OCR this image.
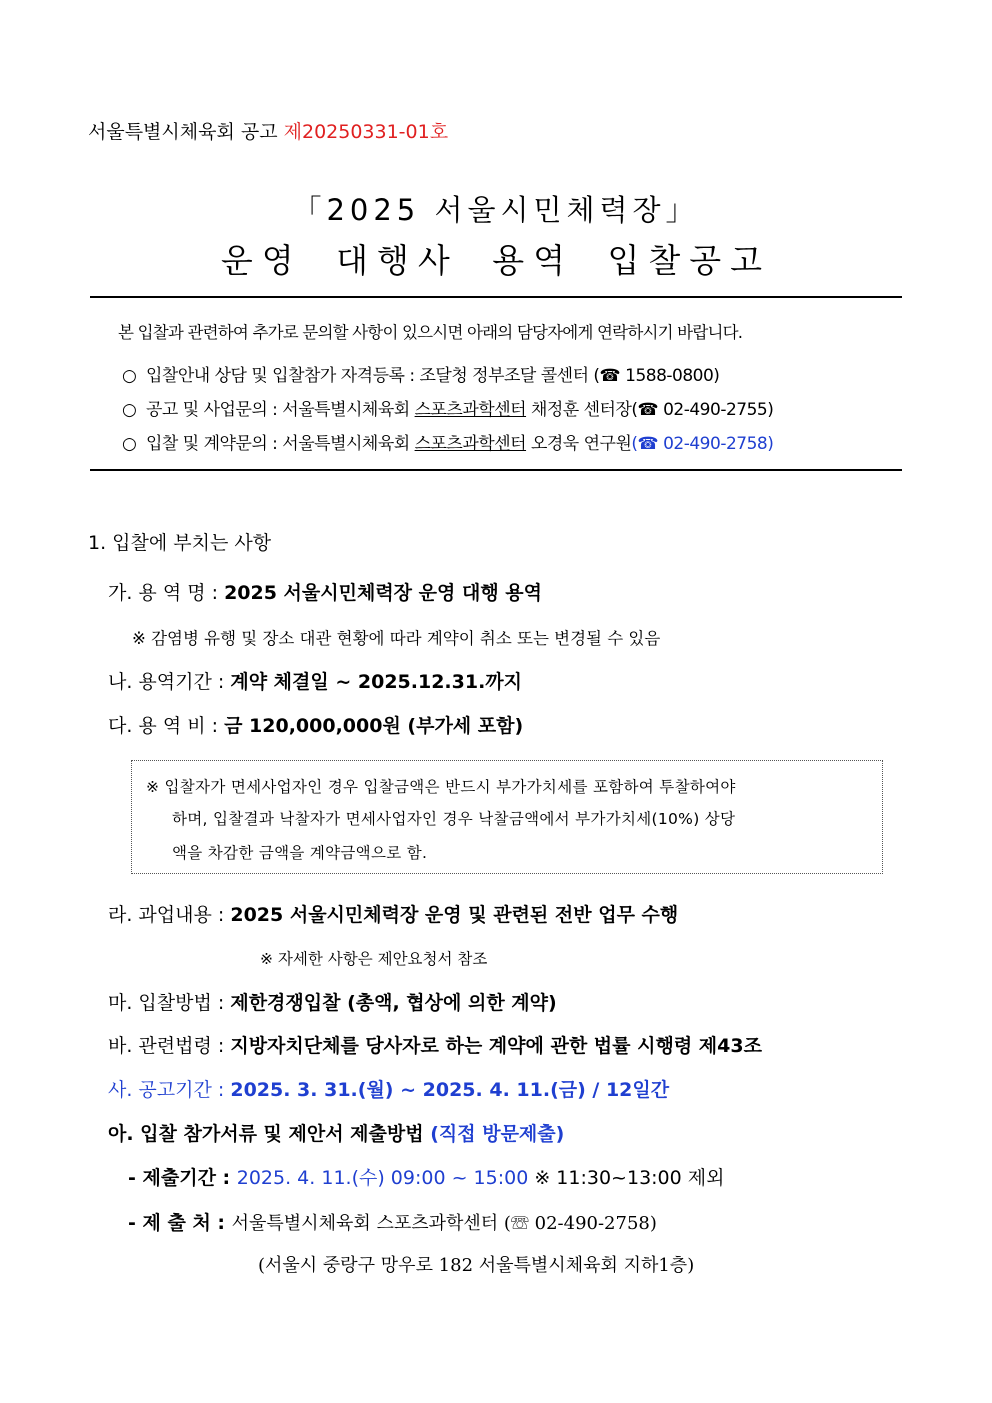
서울특별시체육회 공고 제20250331-01호
「2025 서울시민체력장」
운영 대행사 용역 입찰공고
본 입찰과 관련하여 추가로 문의할 사항이 있으시면 아래의 담당자에게 연락하시기 바랍니다.
○ 입찰안내 상담 및 입찰참가 자격등록 : 조달청 정부조달 콜센터 (☎ 1588-0800)
○ 공고 및 사업문의 : 서울특별시체육회 스포츠과학센터 채정훈 센터장(☎ 02-490-2755)
○ 입찰 및 계약문의 : 서울특별시체육회 스포츠과학센터 오경욱 연구원(☎ 02-490-2758)
1. 입찰에 부치는 사항
가. 용 역 명 : 2025 서울시민체력장 운영 대행 용역
※ 감염병 유행 및 장소 대관 현황에 따라 계약이 취소 또는 변경될 수 있음
나. 용역기간 : 계약 체결일 ~ 2025.12.31.까지
다. 용 역 비 : 금 120,000,000원 (부가세 포함)

※ 입찰자가 면세사업자인 경우 입찰금액은 반드시 부가가치세를 포함하여 투찰하여야

하며, 입찰결과 낙찰자가 면세사업자인 경우 낙찰금액에서 부가가치세(10%) 상당

액을 차감한 금액을 계약금액으로 함.

라. 과업내용 : 2025 서울시민체력장 운영 및 관련된 전반 업무 수행
※ 자세한 사항은 제안요청서 참조
마. 입찰방법 : 제한경쟁입찰 (총액, 협상에 의한 계약)
바. 관련법령 : 지방자치단체를 당사자로 하는 계약에 관한 법률 시행령 제43조
사. 공고기간 : 2025. 3. 31.(월) ~ 2025. 4. 11.(금) / 12일간
아. 입찰 참가서류 및 제안서 제출방법 (직접 방문제출)
- 제출기간 : 2025. 4. 11.(수) 09:00 ~ 15:00 ※ 11:30~13:00 제외
- 제 출 처 : 서울특별시체육회 스포츠과학센터 (☏ 02-490-2758)
(서울시 중랑구 망우로 182 서울특별시체육회 지하1층)
